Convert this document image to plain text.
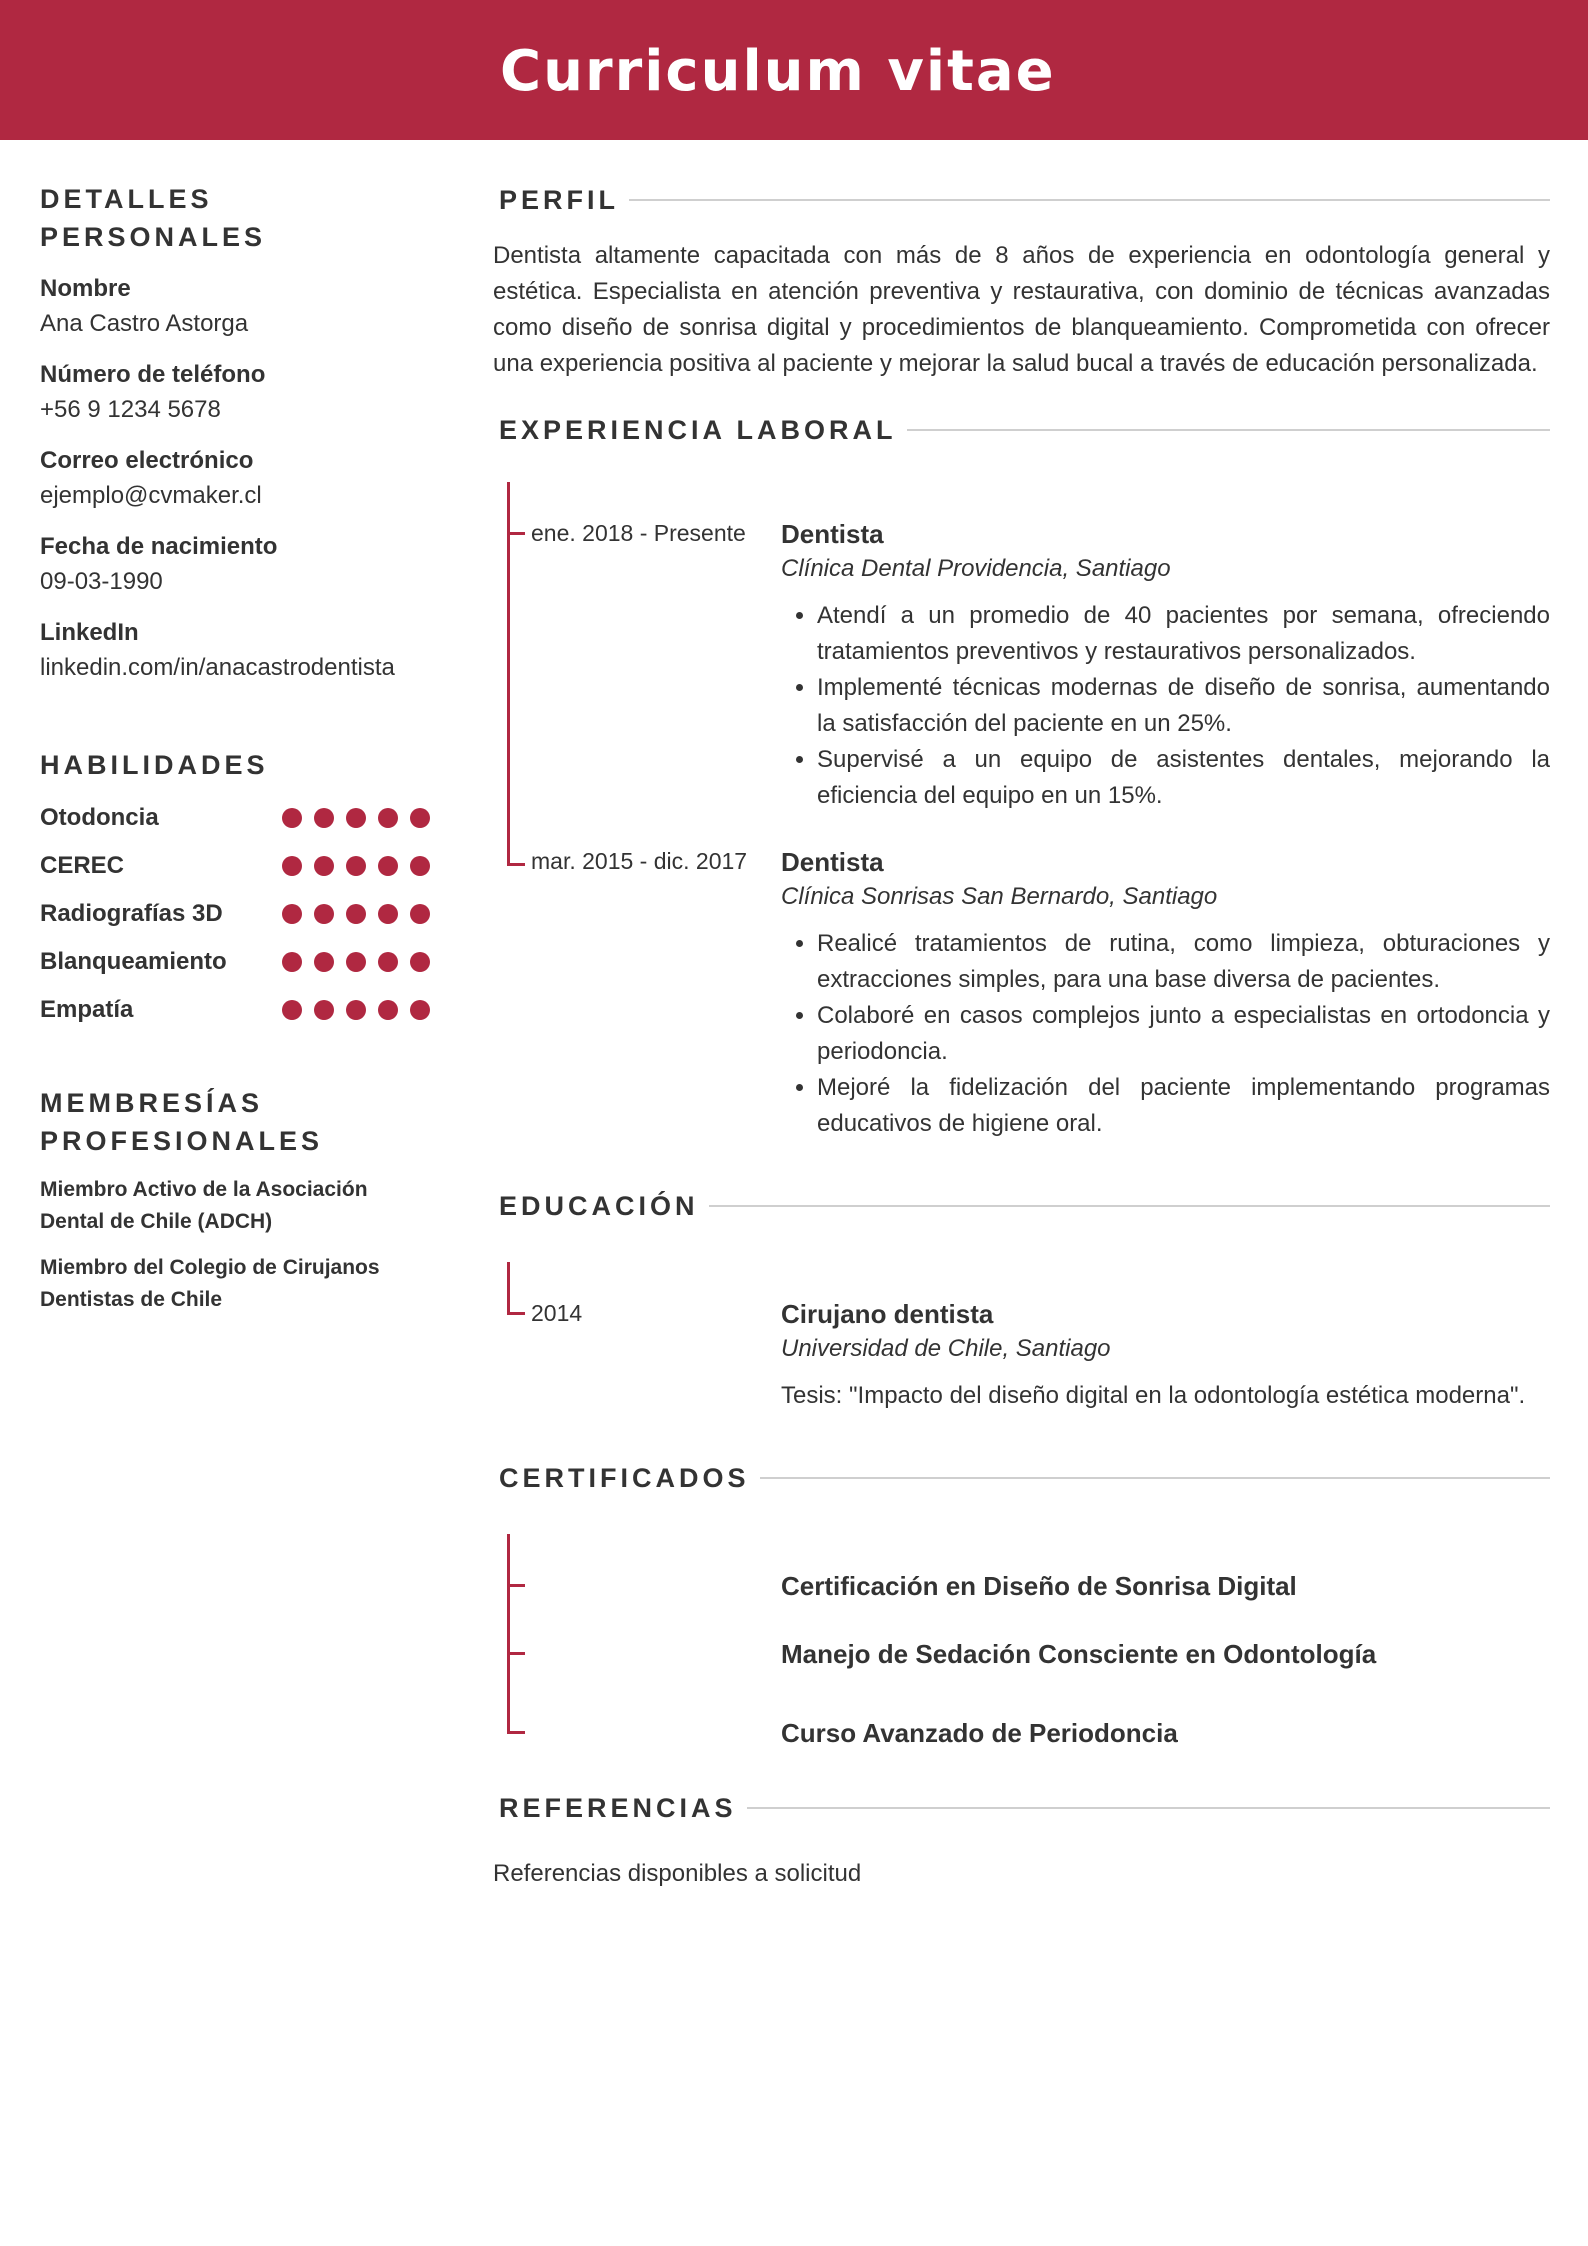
Curriculum vitae
DETALLES PERSONALES
Nombre
Ana Castro Astorga
Número de teléfono
+56 9 1234 5678
Correo electrónico
ejemplo@cvmaker.cl
Fecha de nacimiento
09-03-1990
LinkedIn
linkedin.com/in/anacastrodentista
HABILIDADES
Otodoncia
CEREC
Radiografías 3D
Blanqueamiento
Empatía
MEMBRESÍAS PROFESIONALES
Miembro Activo de la Asociación Dental de Chile (ADCH)
Miembro del Colegio de Cirujanos Dentistas de Chile
PERFIL
Dentista altamente capacitada con más de 8 años de experiencia en odontología general y estética. Especialista en atención preventiva y restaurativa, con dominio de técnicas avanzadas como diseño de sonrisa digital y procedimientos de blanqueamiento. Comprometida con ofrecer una experiencia positiva al paciente y mejorar la salud bucal a través de educación personalizada.
EXPERIENCIA LABORAL
ene. 2018 - Presente Dentista
Clínica Dental Providencia, Santiago
• Atendí a un promedio de 40 pacientes por semana, ofreciendo tratamientos preventivos y restaurativos personalizados.
• Implementé técnicas modernas de diseño de sonrisa, aumentando la satisfacción del paciente en un 25%.
• Supervisé a un equipo de asistentes dentales, mejorando la eficiencia del equipo en un 15%.
mar. 2015 - dic. 2017 Dentista
Clínica Sonrisas San Bernardo, Santiago
• Realicé tratamientos de rutina, como limpieza, obturaciones y extracciones simples, para una base diversa de pacientes.
• Colaboré en casos complejos junto a especialistas en ortodoncia y periodoncia.
• Mejoré la fidelización del paciente implementando programas educativos de higiene oral.
EDUCACIÓN
2014	Cirujano dentista
Universidad de Chile, Santiago
Tesis: "Impacto del diseño digital en la odontología estética moderna".
CERTIFICADOS
Certificación en Diseño de Sonrisa Digital
Manejo de Sedación Consciente en Odontología
Curso Avanzado de Periodoncia
REFERENCIAS
Referencias disponibles a solicitud
